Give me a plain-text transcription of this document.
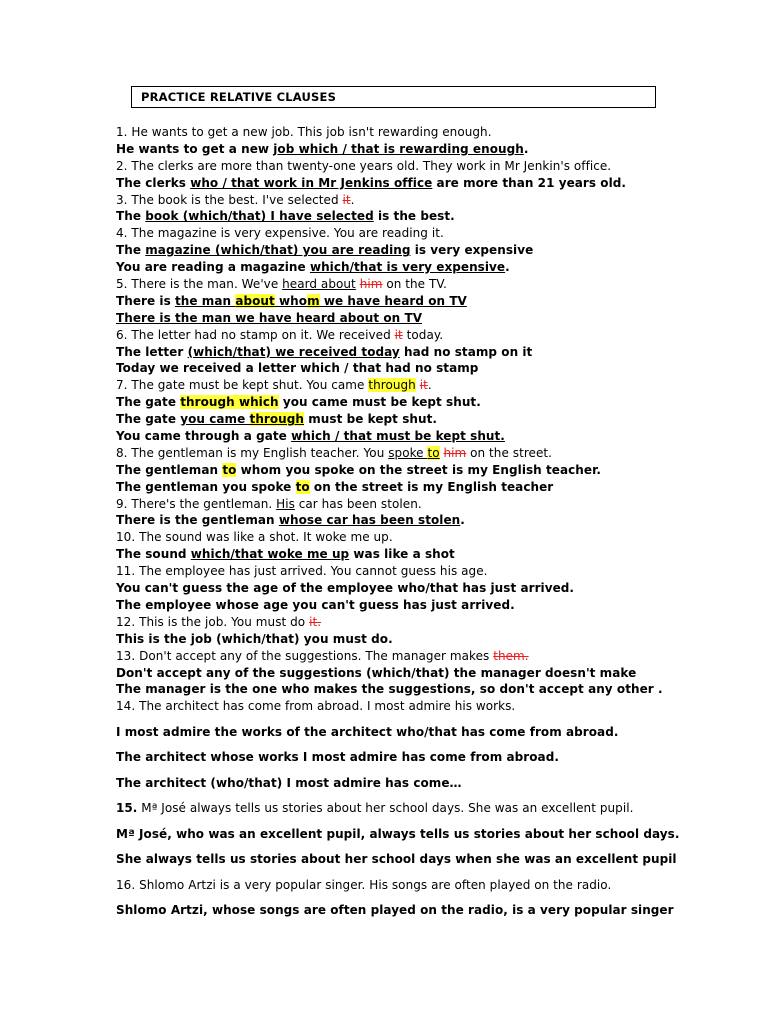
PRACTICE RELATIVE CLAUSES
1. He wants to get a new job. This job isn't rewarding enough.
He wants to get a new job which / that is rewarding enough.
2. The clerks are more than twenty-one years old. They work in Mr Jenkin's office.
The clerks who / that work in Mr Jenkins office are more than 21 years old.
3. The book is the best. I've selected it.
The book (which/that) I have selected is the best.
4. The magazine is very expensive. You are reading it.
The magazine (which/that) you are reading is very expensive
You are reading a magazine which/that is very expensive.
5. There is the man. We've heard about him on the TV.
There is the man about whom we have heard on TV
There is the man we have heard about on TV
6. The letter had no stamp on it. We received it today.
The letter (which/that) we received today had no stamp on it
Today we received a letter which / that had no stamp
7. The gate must be kept shut. You came through it.
The gate through which you came must be kept shut.
The gate you came through must be kept shut.
You came through a gate which / that must be kept shut.
8. The gentleman is my English teacher. You spoke to him on the street.
The gentleman to whom you spoke on the street is my English teacher.
The gentleman you spoke to on the street is my English teacher
9. There's the gentleman. His car has been stolen.
There is the gentleman whose car has been stolen.
10. The sound was like a shot. It woke me up.
The sound which/that woke me up was like a shot
11. The employee has just arrived. You cannot guess his age.
You can't guess the age of the employee who/that has just arrived.
The employee whose age you can't guess has just arrived.
12. This is the job. You must do it.
This is the job (which/that) you must do.
13. Don't accept any of the suggestions. The manager makes them.
Don't accept any of the suggestions (which/that) the manager doesn't make
The manager is the one who makes the suggestions, so don't accept any other .
14. The architect has come from abroad. I most admire his works.
I most admire the works of the architect who/that has come from abroad.
The architect whose works I most admire has come from abroad.
The architect (who/that) I most admire has come…
15. Mª José always tells us stories about her school days. She was an excellent pupil.
Mª José, who was an excellent pupil, always tells us stories about her school days.
She always tells us stories about her school days when she was an excellent pupil
16. Shlomo Artzi is a very popular singer. His songs are often played on the radio.
Shlomo Artzi, whose songs are often played on the radio, is a very popular singer
